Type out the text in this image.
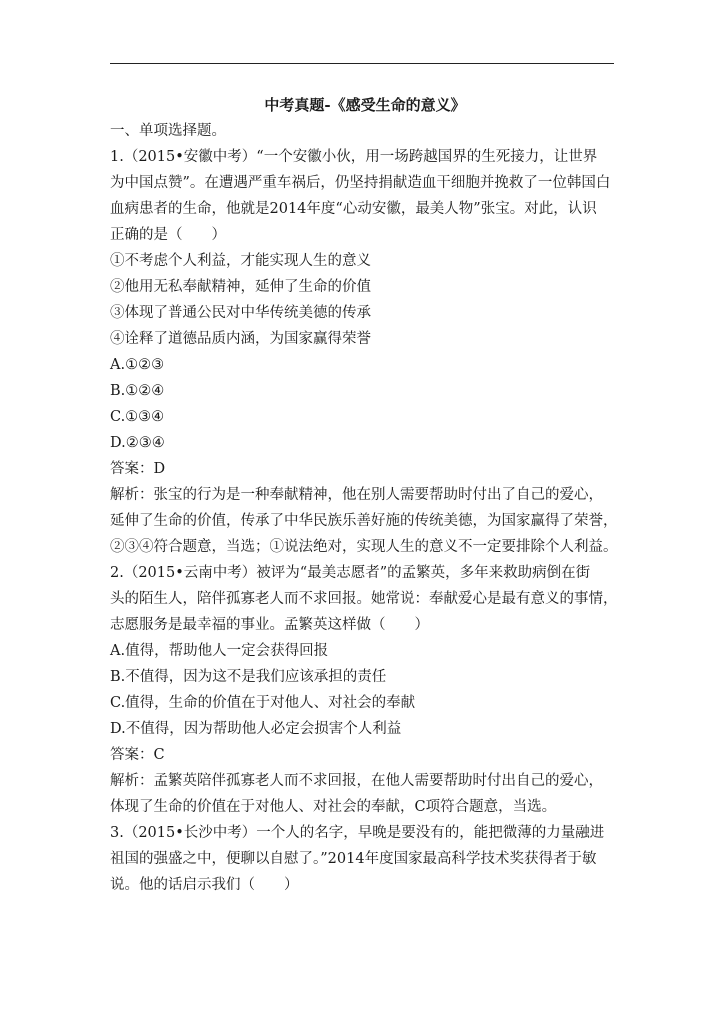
中考真题-《感受生命的意义》
一、单项选择题。
1.（2015•安徽中考）“一个安徽小伙，用一场跨越国界的生死接力，让世界
为中国点赞”。在遭遇严重车祸后，仍坚持捐献造血干细胞并挽救了一位韩国白
血病患者的生命，他就是2014年度“心动安徽，最美人物”张宝。对此，认识
正确的是（　　）
①不考虑个人利益，才能实现人生的意义
②他用无私奉献精神，延伸了生命的价值
③体现了普通公民对中华传统美德的传承
④诠释了道德品质内涵，为国家赢得荣誉
A.①②③
B.①②④
C.①③④
D.②③④
答案：D
解析：张宝的行为是一种奉献精神，他在别人需要帮助时付出了自己的爱心，
延伸了生命的价值，传承了中华民族乐善好施的传统美德，为国家赢得了荣誉，
②③④符合题意，当选；①说法绝对，实现人生的意义不一定要排除个人利益。
2.（2015•云南中考）被评为“最美志愿者”的孟繁英，多年来救助病倒在街
头的陌生人，陪伴孤寡老人而不求回报。她常说：奉献爱心是最有意义的事情，
志愿服务是最幸福的事业。孟繁英这样做（　　）
A.值得，帮助他人一定会获得回报
B.不值得，因为这不是我们应该承担的责任
C.值得，生命的价值在于对他人、对社会的奉献
D.不值得，因为帮助他人必定会损害个人利益
答案：C
解析：孟繁英陪伴孤寡老人而不求回报，在他人需要帮助时付出自己的爱心，
体现了生命的价值在于对他人、对社会的奉献，C项符合题意，当选。
3.（2015•长沙中考）一个人的名字，早晚是要没有的，能把微薄的力量融进
祖国的强盛之中，便聊以自慰了。”2014年度国家最高科学技术奖获得者于敏
说。他的话启示我们（　　）
